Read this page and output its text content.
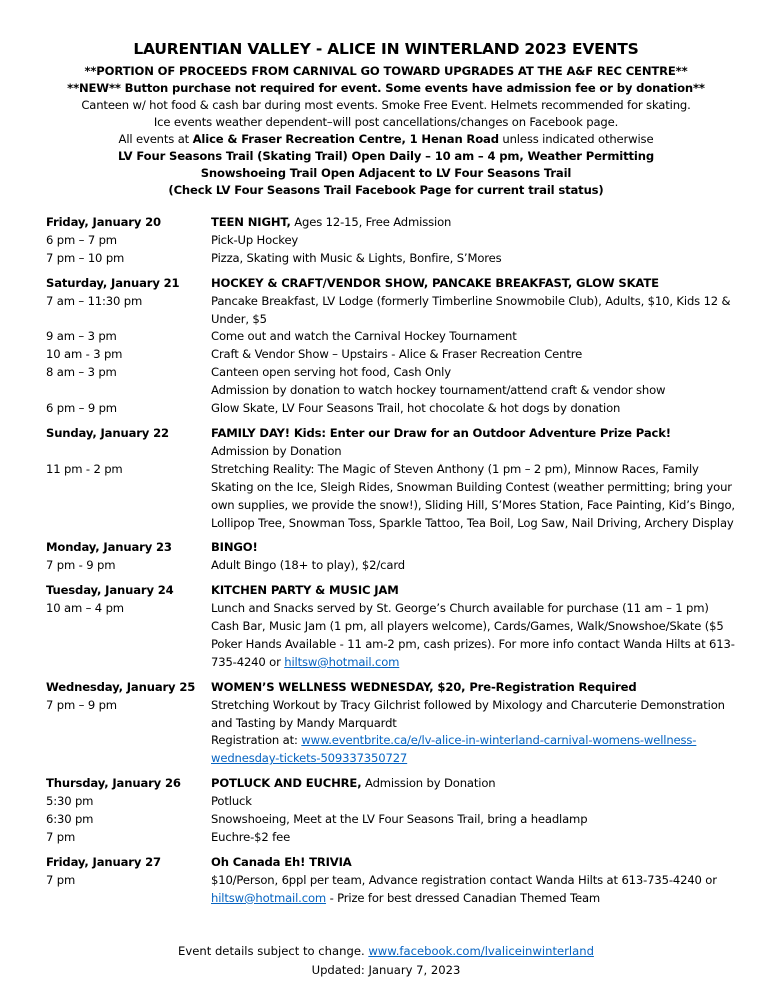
LAURENTIAN VALLEY - ALICE IN WINTERLAND 2023 EVENTS
**PORTION OF PROCEEDS FROM CARNIVAL GO TOWARD UPGRADES AT THE A&F REC CENTRE**
**NEW** Button purchase not required for event. Some events have admission fee or by donation**
Canteen w/ hot food & cash bar during most events. Smoke Free Event. Helmets recommended for skating.
Ice events weather dependent–will post cancellations/changes on Facebook page.
All events at Alice & Fraser Recreation Centre, 1 Henan Road unless indicated otherwise
LV Four Seasons Trail (Skating Trail) Open Daily – 10 am – 4 pm, Weather Permitting
Snowshoeing Trail Open Adjacent to LV Four Seasons Trail
(Check LV Four Seasons Trail Facebook Page for current trail status)
Friday, January 20	TEEN NIGHT, Ages 12-15, Free Admission
6 pm – 7 pm	Pick-Up Hockey
7 pm – 10 pm	Pizza, Skating with Music & Lights, Bonfire, S’Mores
Saturday, January 21	HOCKEY & CRAFT/VENDOR SHOW, PANCAKE BREAKFAST, GLOW SKATE
7 am – 11:30 pm	Pancake Breakfast, LV Lodge (formerly Timberline Snowmobile Club), Adults, $10, Kids 12 & Under, $5
9 am – 3 pm	Come out and watch the Carnival Hockey Tournament
10 am - 3 pm	Craft & Vendor Show – Upstairs - Alice & Fraser Recreation Centre
8 am – 3 pm	Canteen open serving hot food, Cash Only
Admission by donation to watch hockey tournament/attend craft & vendor show
6 pm – 9 pm	Glow Skate, LV Four Seasons Trail, hot chocolate & hot dogs by donation
Sunday, January 22	FAMILY DAY! Kids: Enter our Draw for an Outdoor Adventure Prize Pack!
Admission by Donation
11 pm - 2 pm	Stretching Reality: The Magic of Steven Anthony (1 pm – 2 pm), Minnow Races, Family Skating on the Ice, Sleigh Rides, Snowman Building Contest (weather permitting; bring your own supplies, we provide the snow!), Sliding Hill, S’Mores Station, Face Painting, Kid’s Bingo, Lollipop Tree, Snowman Toss, Sparkle Tattoo, Tea Boil, Log Saw, Nail Driving, Archery Display
Monday, January 23	BINGO!
7 pm - 9 pm	Adult Bingo (18+ to play), $2/card
Tuesday, January 24	KITCHEN PARTY & MUSIC JAM
10 am – 4 pm	Lunch and Snacks served by St. George’s Church available for purchase (11 am – 1 pm) Cash Bar, Music Jam (1 pm, all players welcome), Cards/Games, Walk/Snowshoe/Skate ($5 Poker Hands Available - 11 am-2 pm, cash prizes). For more info contact Wanda Hilts at 613-735-4240 or hiltsw@hotmail.com
Wednesday, January 25	WOMEN’S WELLNESS WEDNESDAY, $20, Pre-Registration Required
7 pm – 9 pm	Stretching Workout by Tracy Gilchrist followed by Mixology and Charcuterie Demonstration and Tasting by Mandy Marquardt
Registration at: www.eventbrite.ca/e/lv-alice-in-winterland-carnival-womens-wellness-wednesday-tickets-509337350727
Thursday, January 26	POTLUCK AND EUCHRE, Admission by Donation
5:30 pm	Potluck
6:30 pm	Snowshoeing, Meet at the LV Four Seasons Trail, bring a headlamp
7 pm	Euchre-$2 fee
Friday, January 27	Oh Canada Eh! TRIVIA
7 pm	$10/Person, 6ppl per team, Advance registration contact Wanda Hilts at 613-735-4240 or hiltsw@hotmail.com - Prize for best dressed Canadian Themed Team
Event details subject to change. www.facebook.com/lvaliceinwinterland
Updated: January 7, 2023
